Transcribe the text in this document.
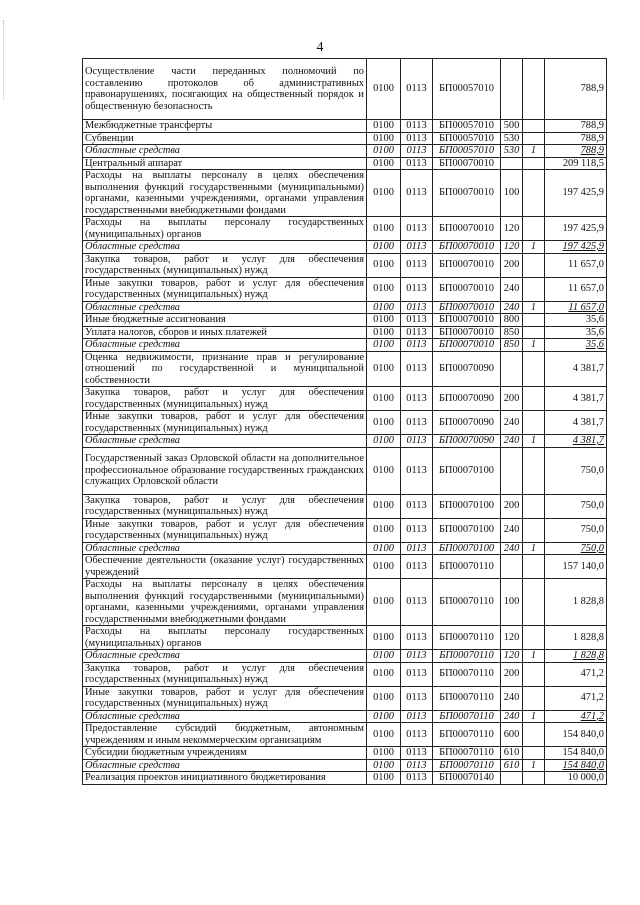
4
Осуществление части переданных полномочий по составлению протоколов об административных правонарушениях, посягающих на общественный порядок и общественную безопасность	0100	0113	БП00057010			788,9
Межбюджетные трансферты	0100	0113	БП00057010	500		788,9
Субвенции	0100	0113	БП00057010	530		788,9
Областные средства	0100	0113	БП00057010	530	1	788,9
Центральный аппарат	0100	0113	БП00070010			209 118,5
Расходы на выплаты персоналу в целях обеспечения выполнения функций государственными (муниципальными) органами, казенными учреждениями, органами управления государственными внебюджетными фондами	0100	0113	БП00070010	100		197 425,9
Расходы на выплаты персоналу государственных (муниципальных) органов	0100	0113	БП00070010	120		197 425,9
Областные средства	0100	0113	БП00070010	120	1	197 425,9
Закупка товаров, работ и услуг для обеспечения государственных (муниципальных) нужд	0100	0113	БП00070010	200		11 657,0
Иные закупки товаров, работ и услуг для обеспечения государственных (муниципальных) нужд	0100	0113	БП00070010	240		11 657,0
Областные средства	0100	0113	БП00070010	240	1	11 657,0
Иные бюджетные ассигнования	0100	0113	БП00070010	800		35,6
Уплата налогов, сборов и иных платежей	0100	0113	БП00070010	850		35,6
Областные средства	0100	0113	БП00070010	850	1	35,6
Оценка недвижимости, признание прав и регулирование отношений по государственной и муниципальной собственности	0100	0113	БП00070090			4 381,7
Закупка товаров, работ и услуг для обеспечения государственных (муниципальных) нужд	0100	0113	БП00070090	200		4 381,7
Иные закупки товаров, работ и услуг для обеспечения государственных (муниципальных) нужд	0100	0113	БП00070090	240		4 381,7
Областные средства	0100	0113	БП00070090	240	1	4 381,7
Государственный заказ Орловской области на дополнительное профессиональное образование государственных гражданских служащих Орловской области	0100	0113	БП00070100			750,0
Закупка товаров, работ и услуг для обеспечения государственных (муниципальных) нужд	0100	0113	БП00070100	200		750,0
Иные закупки товаров, работ и услуг для обеспечения государственных (муниципальных) нужд	0100	0113	БП00070100	240		750,0
Областные средства	0100	0113	БП00070100	240	1	750,0
Обеспечение деятельности (оказание услуг) государственных учреждений	0100	0113	БП00070110			157 140,0
Расходы на выплаты персоналу в целях обеспечения выполнения функций государственными (муниципальными) органами, казенными учреждениями, органами управления государственными внебюджетными фондами	0100	0113	БП00070110	100		1 828,8
Расходы на выплаты персоналу государственных (муниципальных) органов	0100	0113	БП00070110	120		1 828,8
Областные средства	0100	0113	БП00070110	120	1	1 828,8
Закупка товаров, работ и услуг для обеспечения государственных (муниципальных) нужд	0100	0113	БП00070110	200		471,2
Иные закупки товаров, работ и услуг для обеспечения государственных (муниципальных) нужд	0100	0113	БП00070110	240		471,2
Областные средства	0100	0113	БП00070110	240	1	471,2
Предоставление субсидий бюджетным, автономным учреждениям и иным некоммерческим организациям	0100	0113	БП00070110	600		154 840,0
Субсидии бюджетным учреждениям	0100	0113	БП00070110	610		154 840,0
Областные средства	0100	0113	БП00070110	610	1	154 840,0
Реализация проектов инициативного бюджетирования	0100	0113	БП00070140			10 000,0
